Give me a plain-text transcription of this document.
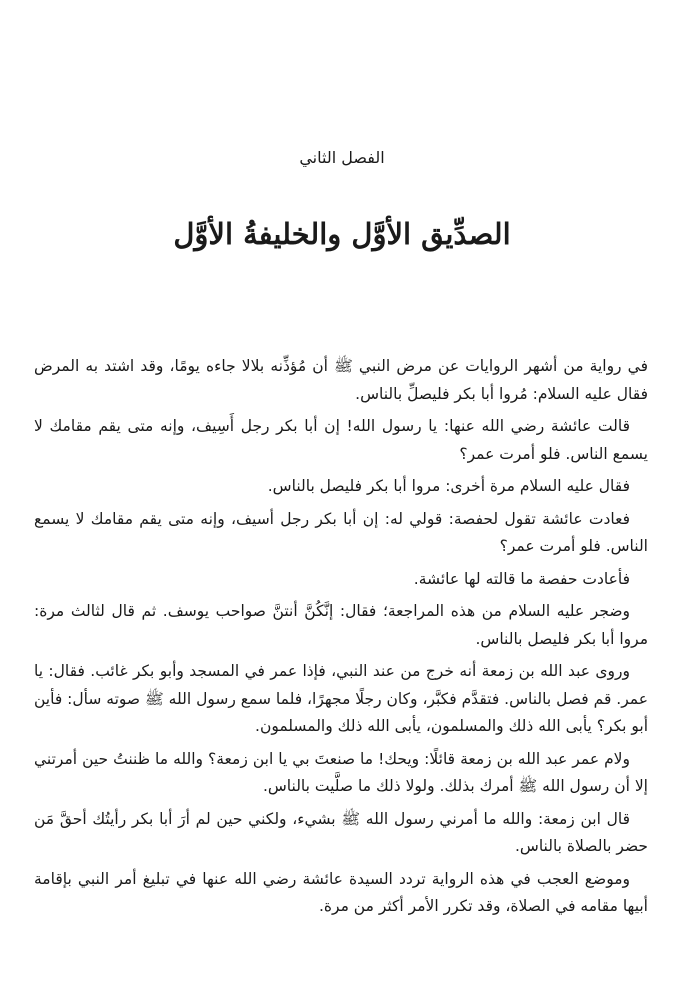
الفصل الثاني
الصدِّيق الأوَّل والخليفةُ الأوَّل

في رواية من أشهر الروايات عن مرض النبي ﷺ أن مُؤذِّنه بلالا جاءه يومًا، وقد اشتد به المرض فقال عليه السلام: مُروا أبا بكر فليصلِّ بالناس.

قالت عائشة رضي الله عنها: يا رسول الله! إن أبا بكر رجل أَسِيف، وإنه متى يقم مقامك لا يسمع الناس. فلو أمرت عمر؟

فقال عليه السلام مرة أخرى: مروا أبا بكر فليصل بالناس.

فعادت عائشة تقول لحفصة: قولي له: إن أبا بكر رجل أسيف، وإنه متى يقم مقامك لا يسمع الناس. فلو أمرت عمر؟

فأعادت حفصة ما قالته لها عائشة.

وضجر عليه السلام من هذه المراجعة؛ فقال: إنَّكُنَّ أنتنَّ صواحب يوسف. ثم قال لثالث مرة: مروا أبا بكر فليصل بالناس.

وروى عبد الله بن زمعة أنه خرج من عند النبي، فإذا عمر في المسجد وأبو بكر غائب. فقال: يا عمر. قم فصل بالناس. فتقدَّم فكبَّر، وكان رجلًا مجهرًا، فلما سمع رسول الله ﷺ صوته سأل: فأين أبو بكر؟ يأبى الله ذلك والمسلمون، يأبى الله ذلك والمسلمون.

ولام عمر عبد الله بن زمعة قائلًا: ويحك! ما صنعتَ بي يا ابن زمعة؟ والله ما ظننتُ حين أمرتني إلا أن رسول الله ﷺ أمرك بذلك. ولولا ذلك ما صلَّيت بالناس.

قال ابن زمعة: والله ما أمرني رسول الله ﷺ بشيء، ولكني حين لم أرَ أبا بكر رأيتُك أحقَّ مَن حضر بالصلاة بالناس.

وموضع العجب في هذه الرواية تردد السيدة عائشة رضي الله عنها في تبليغ أمر النبي بإقامة أبيها مقامه في الصلاة، وقد تكرر الأمر أكثر من مرة.
